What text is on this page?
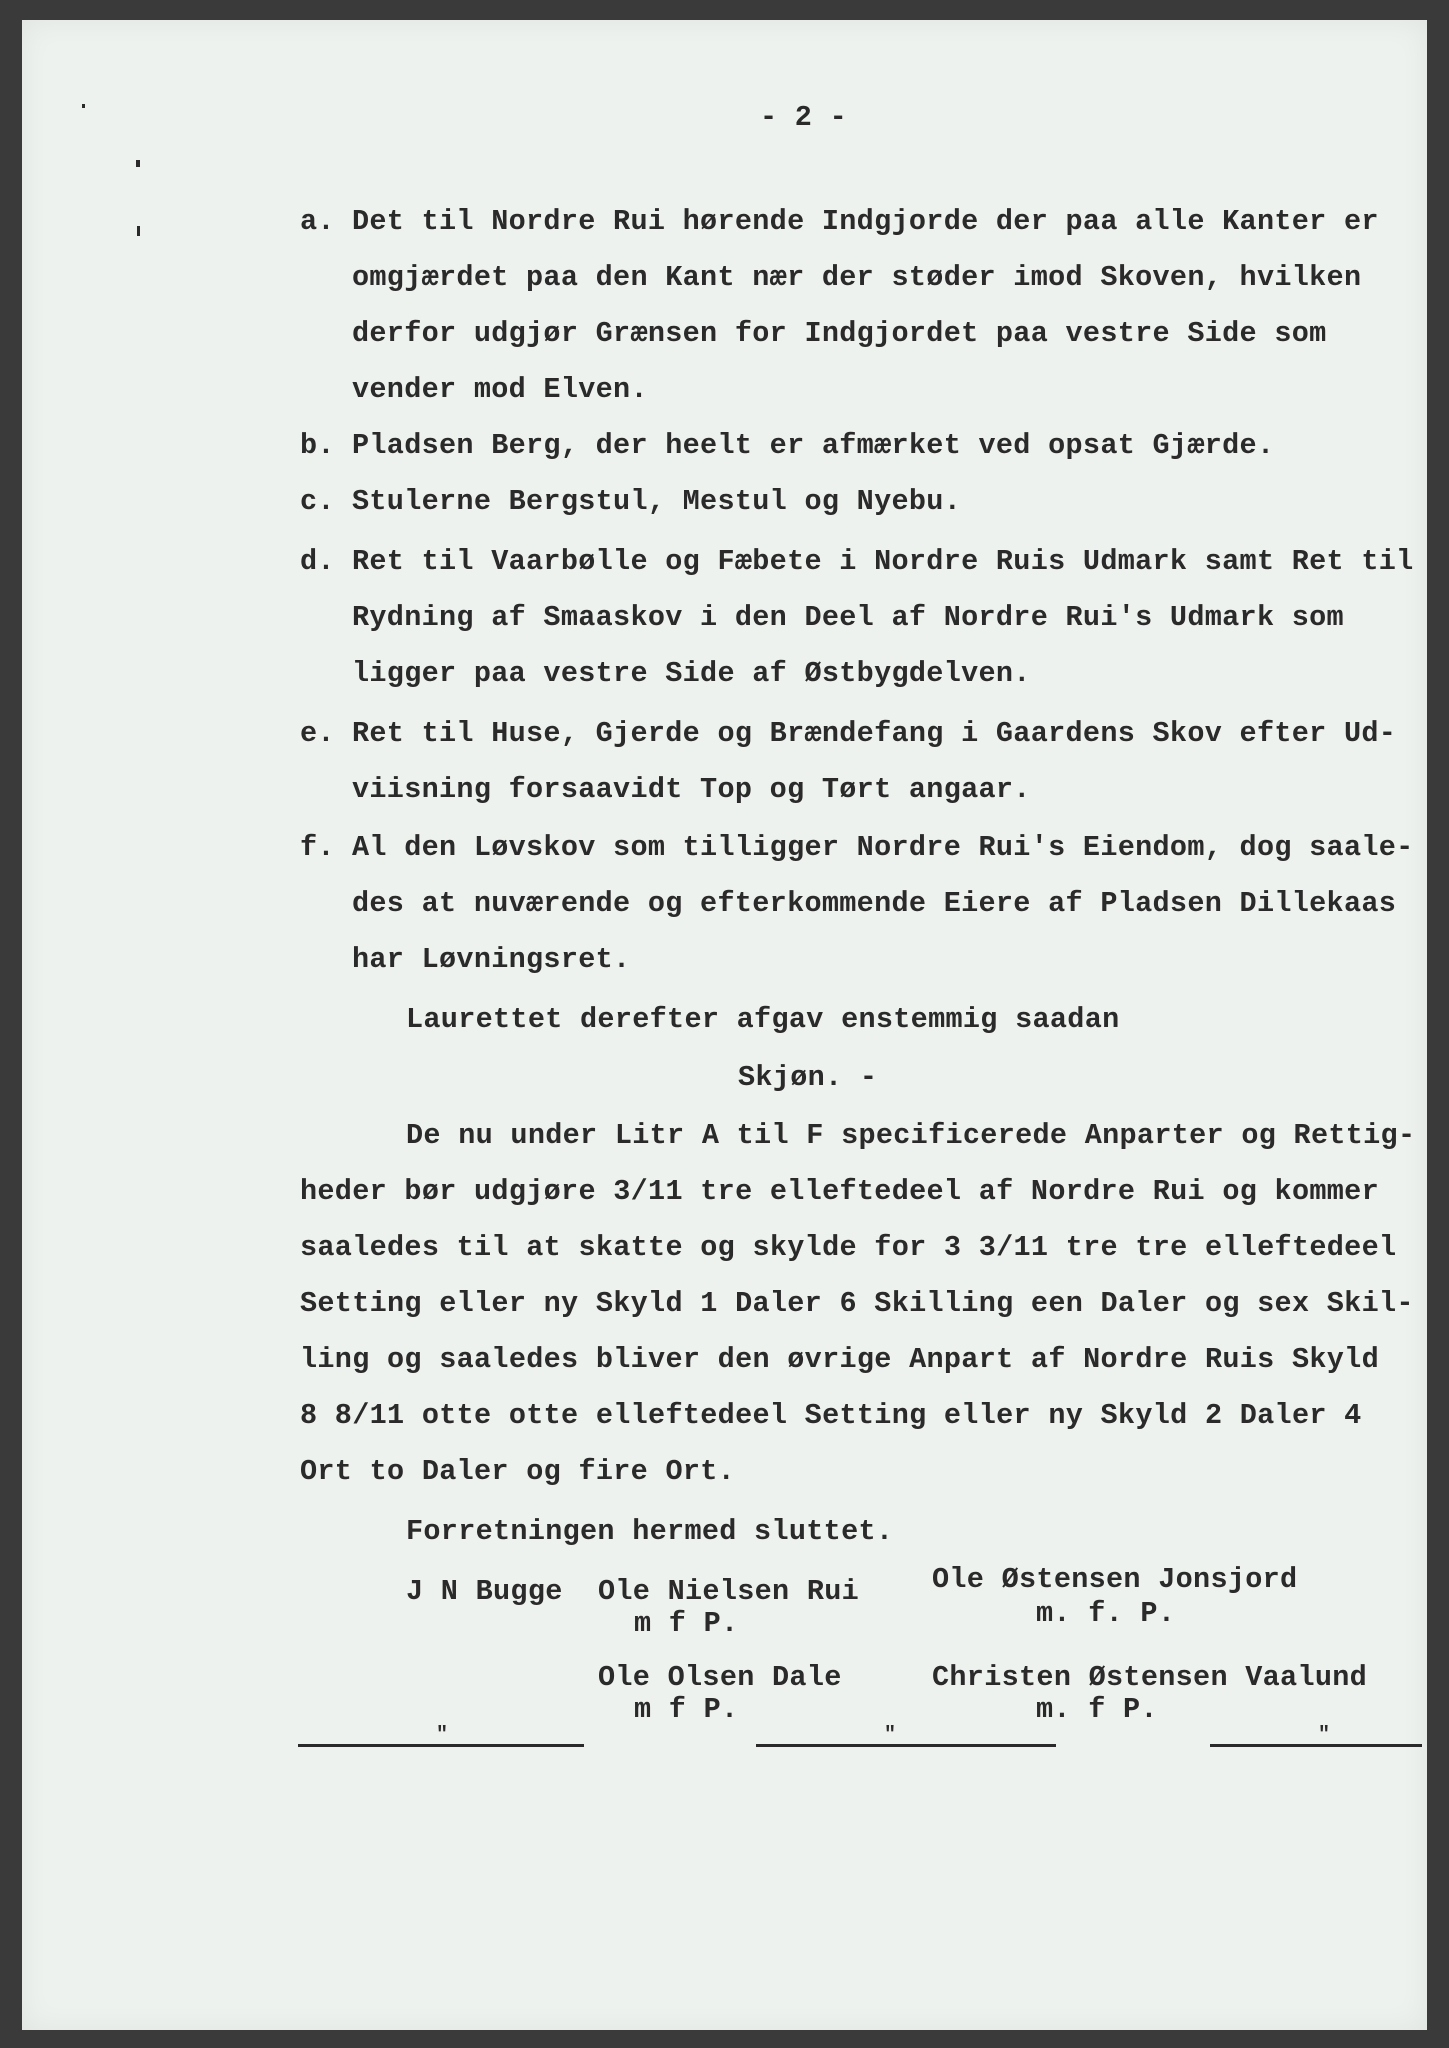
- 2 -
a. Det til Nordre Rui hørende Indgjorde der paa alle Kanter er
omgjærdet paa den Kant nær der støder imod Skoven, hvilken
derfor udgjør Grænsen for Indgjordet paa vestre Side som
vender mod Elven.
b. Pladsen Berg, der heelt er afmærket ved opsat Gjærde.
c. Stulerne Bergstul, Mestul og Nyebu.
d. Ret til Vaarbølle og Fæbete i Nordre Ruis Udmark samt Ret til
Rydning af Smaaskov i den Deel af Nordre Rui's Udmark som
ligger paa vestre Side af Østbygdelven.
e. Ret til Huse, Gjerde og Brændefang i Gaardens Skov efter Ud-
viisning forsaavidt Top og Tørt angaar.
f. Al den Løvskov som tilligger Nordre Rui's Eiendom, dog saale-
des at nuværende og efterkommende Eiere af Pladsen Dillekaas
har Løvningsret.
Laurettet derefter afgav enstemmig saadan
Skjøn. -
De nu under Litr A til F specificerede Anparter og Rettig-
heder bør udgjøre 3/11 tre elleftedeel af Nordre Rui og kommer
saaledes til at skatte og skylde for 3 3/11 tre tre elleftedeel
Setting eller ny Skyld 1 Daler 6 Skilling een Daler og sex Skil-
ling og saaledes bliver den øvrige Anpart af Nordre Ruis Skyld
8 8/11 otte otte elleftedeel Setting eller ny Skyld 2 Daler 4
Ort to Daler og fire Ort.
Forretningen hermed sluttet.
J N Bugge Ole Nielsen Rui
m f P.
Ole Østensen Jonsjord
m. f. P.
Ole Olsen Dale
m f P.
Christen Østensen Vaalund
m. f P.
"	"	"
